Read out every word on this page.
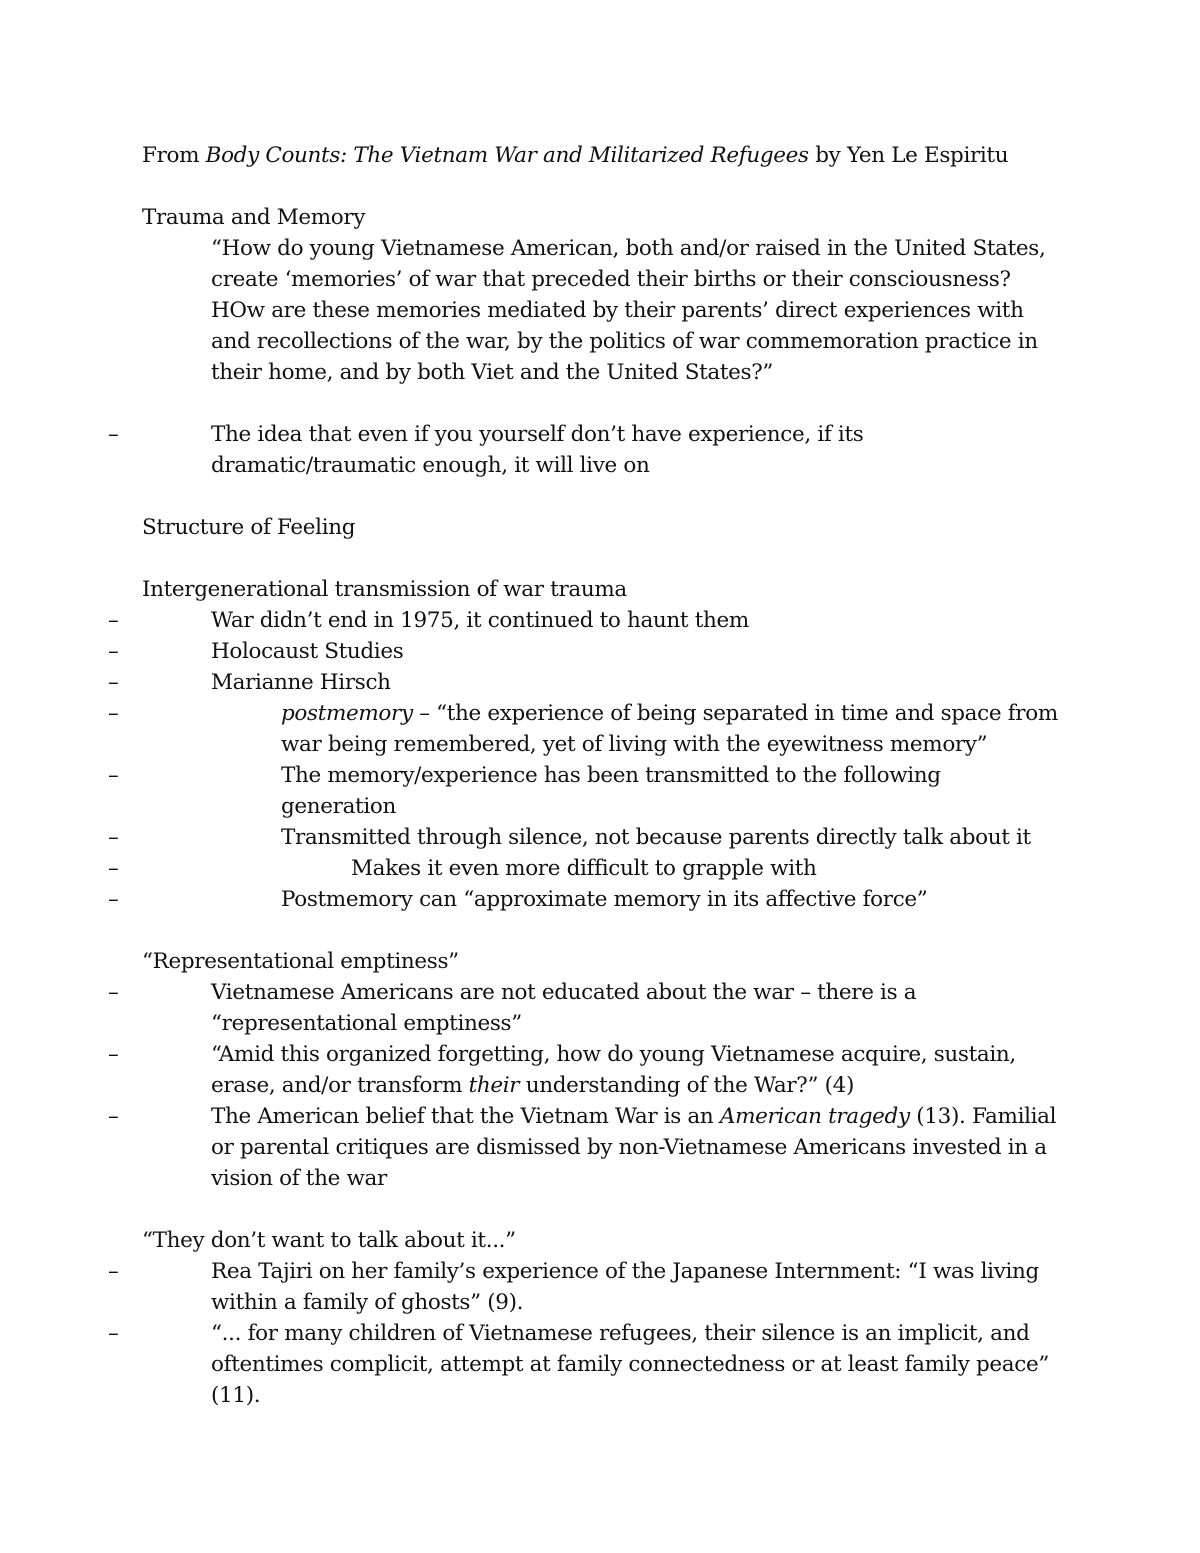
From Body Counts: The Vietnam War and Militarized Refugees by Yen Le Espiritu
Trauma and Memory
“How do young Vietnamese American, both and/or raised in the United States,
create ‘memories’ of war that preceded their births or their consciousness?
HOw are these memories mediated by their parents’ direct experiences with
and recollections of the war, by the politics of war commemoration practice in
their home, and by both Viet and the United States?”
–	The idea that even if you yourself don’t have experience, if its
dramatic/traumatic enough, it will live on
Structure of Feeling
Intergenerational transmission of war trauma
–	War didn’t end in 1975, it continued to haunt them
–	Holocaust Studies
–	Marianne Hirsch
–	postmemory – “the experience of being separated in time and space from
war being remembered, yet of living with the eyewitness memory”
–	The memory/experience has been transmitted to the following
generation
–	Transmitted through silence, not because parents directly talk about it
–	Makes it even more difficult to grapple with
–	Postmemory can “approximate memory in its affective force”
“Representational emptiness”
–	Vietnamese Americans are not educated about the war – there is a
“representational emptiness”
–	“Amid this organized forgetting, how do young Vietnamese acquire, sustain,
erase, and/or transform their understanding of the War?” (4)
–	The American belief that the Vietnam War is an American tragedy (13). Familial
or parental critiques are dismissed by non-Vietnamese Americans invested in a
vision of the war
“They don’t want to talk about it...”
–	Rea Tajiri on her family’s experience of the Japanese Internment: “I was living
within a family of ghosts” (9).
–	“... for many children of Vietnamese refugees, their silence is an implicit, and
oftentimes complicit, attempt at family connectedness or at least family peace”
(11).
